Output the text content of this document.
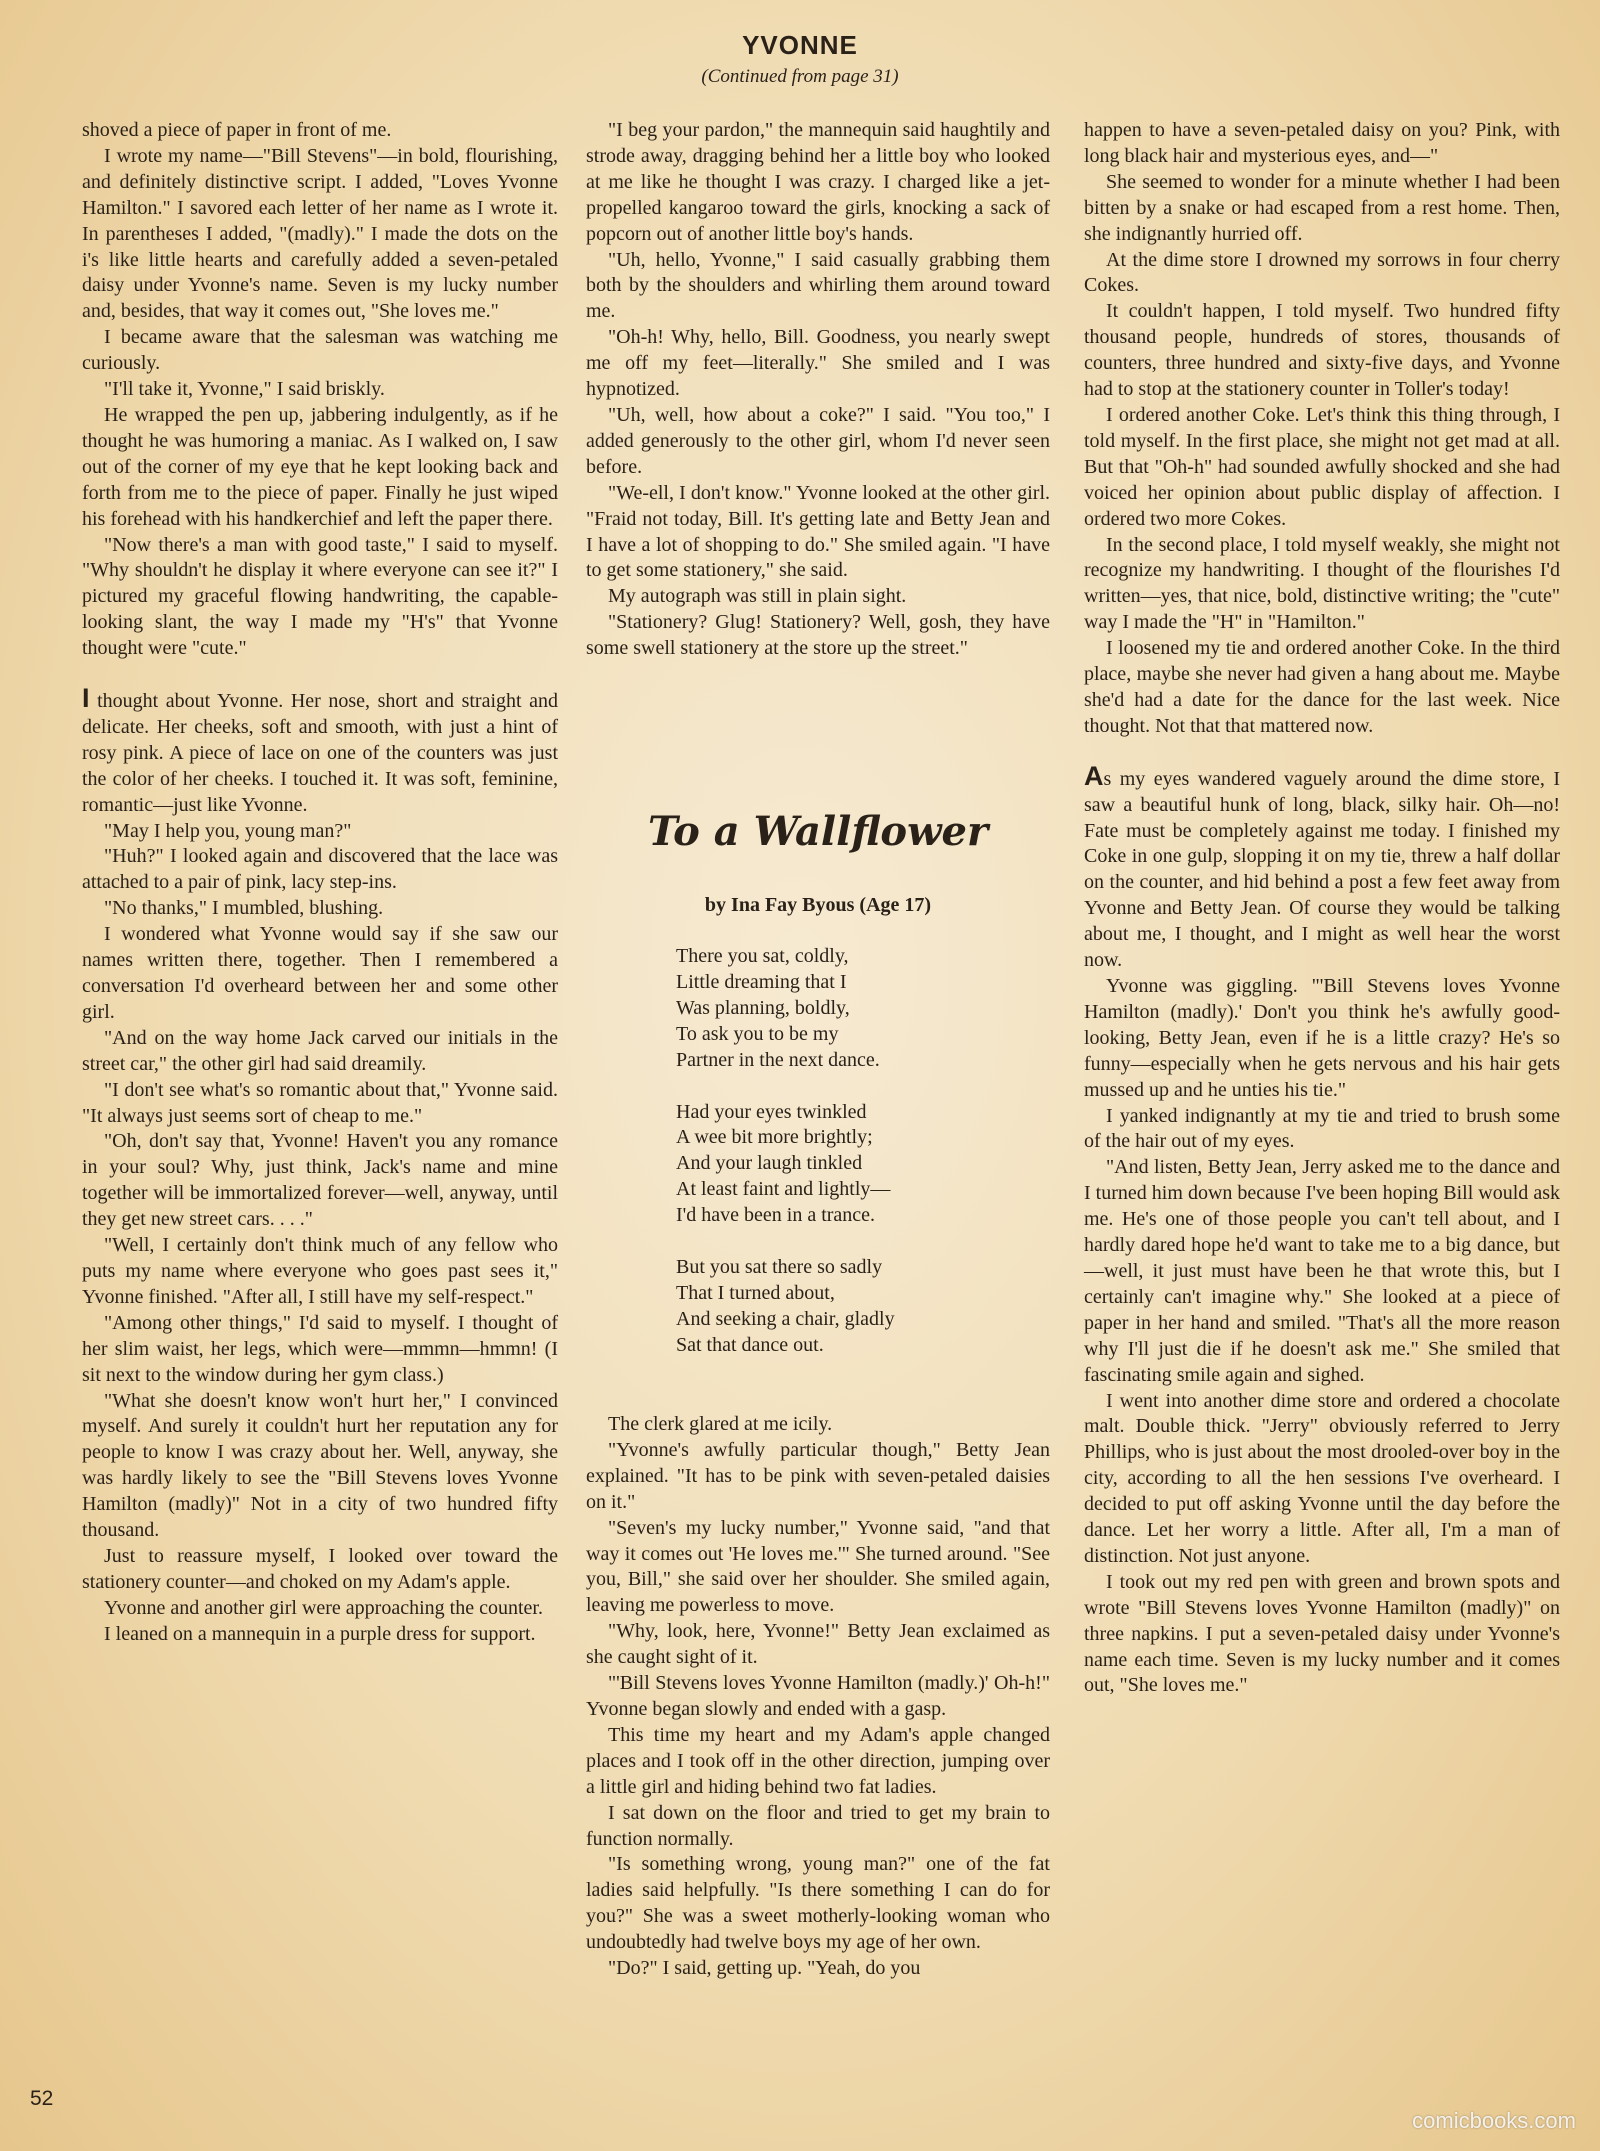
YVONNE
(Continued from page 31)

shoved a piece of paper in front of me.

I wrote my name—"Bill Stevens"—in bold, flourishing, and definitely distinctive script. I added, "Loves Yvonne Hamilton." I savored each letter of her name as I wrote it. In parentheses I added, "(madly)." I made the dots on the i's like little hearts and carefully added a seven-petaled daisy under Yvonne's name. Seven is my lucky number and, besides, that way it comes out, "She loves me."

I became aware that the salesman was watching me curiously.

"I'll take it, Yvonne," I said briskly.

He wrapped the pen up, jabbering indulgently, as if he thought he was humoring a maniac. As I walked on, I saw out of the corner of my eye that he kept looking back and forth from me to the piece of paper. Finally he just wiped his forehead with his handkerchief and left the paper there.

"Now there's a man with good taste," I said to myself. "Why shouldn't he display it where everyone can see it?" I pictured my graceful flowing handwriting, the capable-looking slant, the way I made my "H's" that Yvonne thought were "cute."

I thought about Yvonne. Her nose, short and straight and delicate. Her cheeks, soft and smooth, with just a hint of rosy pink. A piece of lace on one of the counters was just the color of her cheeks. I touched it. It was soft, feminine, romantic—just like Yvonne.

"May I help you, young man?"

"Huh?" I looked again and discovered that the lace was attached to a pair of pink, lacy step-ins.

"No thanks," I mumbled, blushing.

I wondered what Yvonne would say if she saw our names written there, together. Then I remembered a conversation I'd overheard between her and some other girl.

"And on the way home Jack carved our initials in the street car," the other girl had said dreamily.

"I don't see what's so romantic about that," Yvonne said. "It always just seems sort of cheap to me."

"Oh, don't say that, Yvonne! Haven't you any romance in your soul? Why, just think, Jack's name and mine together will be immortalized forever—well, anyway, until they get new street cars. . . ."

"Well, I certainly don't think much of any fellow who puts my name where everyone who goes past sees it," Yvonne finished. "After all, I still have my self-respect."

"Among other things," I'd said to myself. I thought of her slim waist, her legs, which were—mmmn—hmmn! (I sit next to the window during her gym class.)

"What she doesn't know won't hurt her," I convinced myself. And surely it couldn't hurt her reputation any for people to know I was crazy about her. Well, anyway, she was hardly likely to see the "Bill Stevens loves Yvonne Hamilton (madly)" Not in a city of two hundred fifty thousand.

Just to reassure myself, I looked over toward the stationery counter—and choked on my Adam's apple.

Yvonne and another girl were approaching the counter.

I leaned on a mannequin in a purple dress for support.

"I beg your pardon," the mannequin said haughtily and strode away, dragging behind her a little boy who looked at me like he thought I was crazy. I charged like a jet-propelled kangaroo toward the girls, knocking a sack of popcorn out of another little boy's hands.

"Uh, hello, Yvonne," I said casually grabbing them both by the shoulders and whirling them around toward me.

"Oh-h! Why, hello, Bill. Goodness, you nearly swept me off my feet—literally." She smiled and I was hypnotized.

"Uh, well, how about a coke?" I said. "You too," I added generously to the other girl, whom I'd never seen before.

"We-ell, I don't know." Yvonne looked at the other girl. "Fraid not today, Bill. It's getting late and Betty Jean and I have a lot of shopping to do." She smiled again. "I have to get some stationery," she said.

My autograph was still in plain sight.

"Stationery? Glug! Stationery? Well, gosh, they have some swell stationery at the store up the street."

To a Wallflower
by Ina Fay Byous (Age 17)
There you sat, coldly,
Little dreaming that I
Was planning, boldly,
To ask you to be my
Partner in the next dance.
Had your eyes twinkled
A wee bit more brightly;
And your laugh tinkled
At least faint and lightly—
I'd have been in a trance.
But you sat there so sadly
That I turned about,
And seeking a chair, gladly
Sat that dance out.

The clerk glared at me icily.

"Yvonne's awfully particular though," Betty Jean explained. "It has to be pink with seven-petaled daisies on it."

"Seven's my lucky number," Yvonne said, "and that way it comes out 'He loves me.'" She turned around. "See you, Bill," she said over her shoulder. She smiled again, leaving me powerless to move.

"Why, look, here, Yvonne!" Betty Jean exclaimed as she caught sight of it.

"'Bill Stevens loves Yvonne Hamilton (madly.)' Oh-h!" Yvonne began slowly and ended with a gasp.

This time my heart and my Adam's apple changed places and I took off in the other direction, jumping over a little girl and hiding behind two fat ladies.

I sat down on the floor and tried to get my brain to function normally.

"Is something wrong, young man?" one of the fat ladies said helpfully. "Is there something I can do for you?" She was a sweet motherly-looking woman who undoubtedly had twelve boys my age of her own.

"Do?" I said, getting up. "Yeah, do you

happen to have a seven-petaled daisy on you? Pink, with long black hair and mysterious eyes, and—"

She seemed to wonder for a minute whether I had been bitten by a snake or had escaped from a rest home. Then, she indignantly hurried off.

At the dime store I drowned my sorrows in four cherry Cokes.

It couldn't happen, I told myself. Two hundred fifty thousand people, hundreds of stores, thousands of counters, three hundred and sixty-five days, and Yvonne had to stop at the stationery counter in Toller's today!

I ordered another Coke. Let's think this thing through, I told myself. In the first place, she might not get mad at all. But that "Oh-h" had sounded awfully shocked and she had voiced her opinion about public display of affection. I ordered two more Cokes.

In the second place, I told myself weakly, she might not recognize my handwriting. I thought of the flourishes I'd written—yes, that nice, bold, distinctive writing; the "cute" way I made the "H" in "Hamilton."

I loosened my tie and ordered another Coke. In the third place, maybe she never had given a hang about me. Maybe she'd had a date for the dance for the last week. Nice thought. Not that that mattered now.

As my eyes wandered vaguely around the dime store, I saw a beautiful hunk of long, black, silky hair. Oh—no! Fate must be completely against me today. I finished my Coke in one gulp, slopping it on my tie, threw a half dollar on the counter, and hid behind a post a few feet away from Yvonne and Betty Jean. Of course they would be talking about me, I thought, and I might as well hear the worst now.

Yvonne was giggling. "'Bill Stevens loves Yvonne Hamilton (madly).' Don't you think he's awfully good-looking, Betty Jean, even if he is a little crazy? He's so funny—especially when he gets nervous and his hair gets mussed up and he unties his tie."

I yanked indignantly at my tie and tried to brush some of the hair out of my eyes.

"And listen, Betty Jean, Jerry asked me to the dance and I turned him down because I've been hoping Bill would ask me. He's one of those people you can't tell about, and I hardly dared hope he'd want to take me to a big dance, but—well, it just must have been he that wrote this, but I certainly can't imagine why." She looked at a piece of paper in her hand and smiled. "That's all the more reason why I'll just die if he doesn't ask me." She smiled that fascinating smile again and sighed.

I went into another dime store and ordered a chocolate malt. Double thick. "Jerry" obviously referred to Jerry Phillips, who is just about the most drooled-over boy in the city, according to all the hen sessions I've overheard. I decided to put off asking Yvonne until the day before the dance. Let her worry a little. After all, I'm a man of distinction. Not just anyone.

I took out my red pen with green and brown spots and wrote "Bill Stevens loves Yvonne Hamilton (madly)" on three napkins. I put a seven-petaled daisy under Yvonne's name each time. Seven is my lucky number and it comes out, "She loves me."

52
comicbooks.com
